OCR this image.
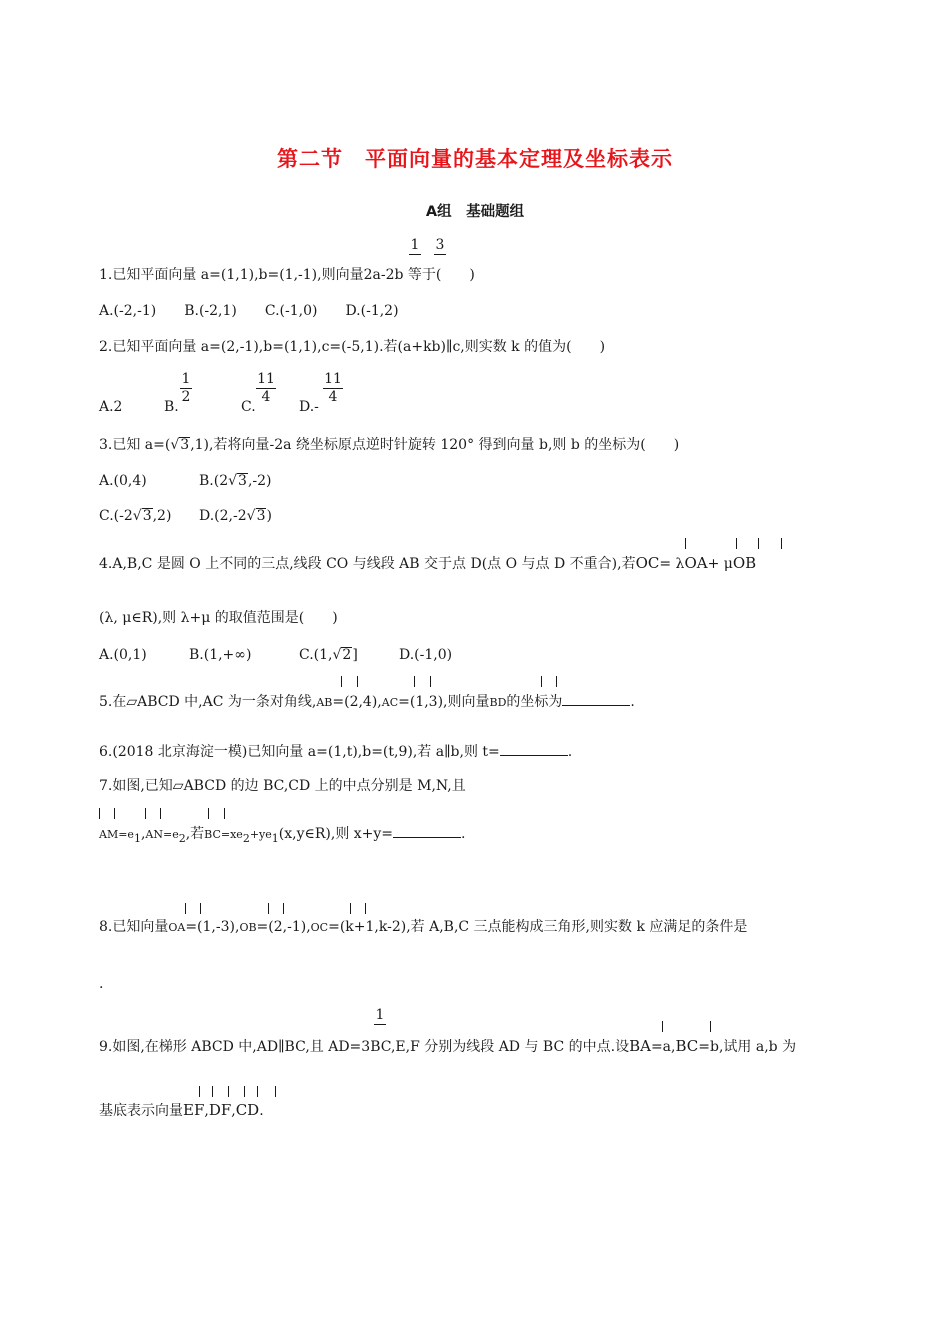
第二节　平面向量的基本定理及坐标表示
A组　基础题组
1 3
1.已知平面向量 a=(1,1),b=(1,-1),则向量2a-2b 等于(　　)
A.(-2,-1)　　B.(-2,1)　　C.(-1,0)　　D.(-1,2)
2.已知平面向量 a=(2,-1),b=(1,1),c=(-5,1).若(a+kb)∥c,则实数 k 的值为(　　)
A.2	B.
1
2
C.
11
4
D.-
11
4
3.已知 a=(√3,1),若将向量-2a 绕坐标原点逆时针旋转 120° 得到向量 b,则 b 的坐标为(　　)
A.(0,4)	B.(2√3,-2)
C.(-2√3,2) D.(2,-2√3)
4.A,B,C 是圆 O 上不同的三点,线段 CO 与线段 AB 交于点 D(点 O 与点 D 不重合),若OC= λOA+ μOB
(λ, μ∈R),则 λ+μ 的取值范围是(　　)
A.(0,1)	B.(1,+∞)	C.(1,√2]	D.(-1,0)
5.在▱ABCD 中,AC 为一条对角线,AB=(2,4),AC=(1,3),则向量BD的坐标为	.
6.(2018 北京海淀一模)已知向量 a=(1,t),b=(t,9),若 a∥b,则 t=	.
7.如图,已知▱ABCD 的边 BC,CD 上的中点分别是 M,N,且
$AM=e_1,AN=e_2$,若$BC=xe_2+ye_1(x,y\in R)$,则 x+y=	.
8.已知向量OA=(1,-3),OB=(2,-1),OC=(k+1,k-2),若 A,B,C 三点能构成三角形,则实数 k 应满足的条件是
.
1
9.如图,在梯形 ABCD 中,AD∥BC,且 AD=3BC,E,F 分别为线段 AD 与 BC 的中点.设BA=a,BC=b,试用 a,b 为
基底表示向量EF,DF,CD.
